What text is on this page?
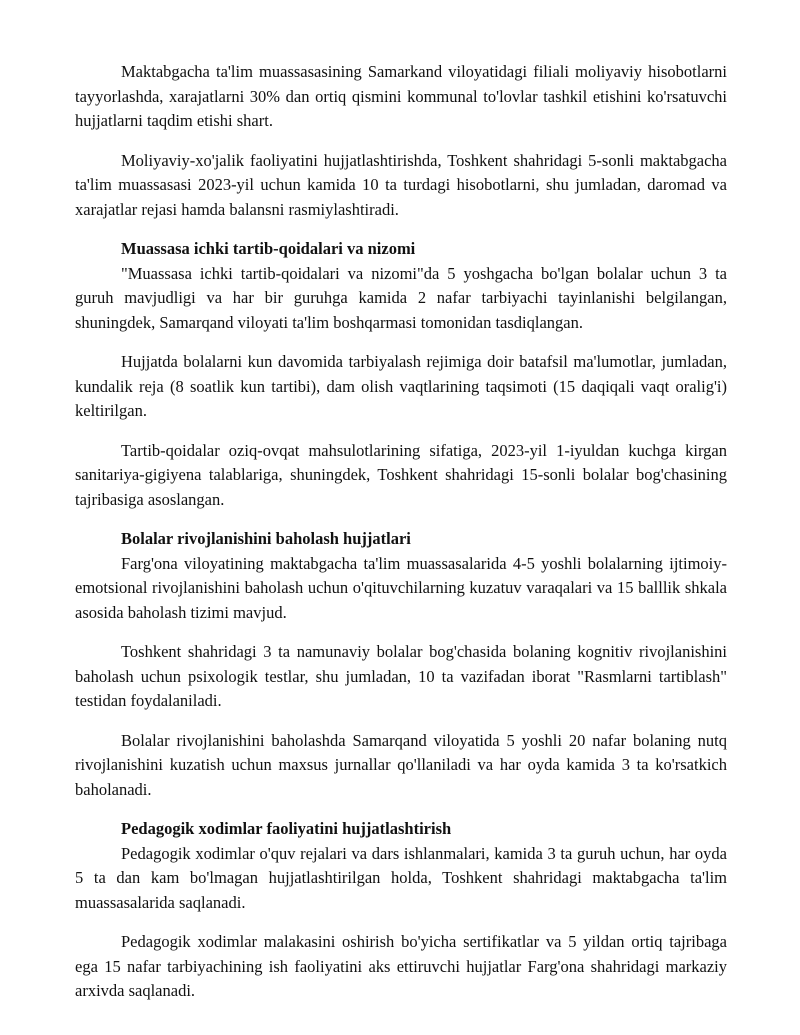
Maktabgacha ta'lim muassasasining Samarkand viloyatidagi filiali moliyaviy hisobotlarni tayyorlashda, xarajatlarni 30% dan ortiq qismini kommunal to'lovlar tashkil etishini ko'rsatuvchi hujjatlarni taqdim etishi shart.

Moliyaviy-xo'jalik faoliyatini hujjatlashtirishda, Toshkent shahridagi 5-sonli maktabgacha ta'lim muassasasi 2023-yil uchun kamida 10 ta turdagi hisobotlarni, shu jumladan, daromad va xarajatlar rejasi hamda balansni rasmiylashtiradi.

Muassasa ichki tartib-qoidalari va nizomi

"Muassasa ichki tartib-qoidalari va nizomi"da 5 yoshgacha bo'lgan bolalar uchun 3 ta guruh mavjudligi va har bir guruhga kamida 2 nafar tarbiyachi tayinlanishi belgilangan, shuningdek, Samarqand viloyati ta'lim boshqarmasi tomonidan tasdiqlangan.

Hujjatda bolalarni kun davomida tarbiyalash rejimiga doir batafsil ma'lumotlar, jumladan, kundalik reja (8 soatlik kun tartibi), dam olish vaqtlarining taqsimoti (15 daqiqali vaqt oralig'i) keltirilgan.

Tartib-qoidalar oziq-ovqat mahsulotlarining sifatiga, 2023-yil 1-iyuldan kuchga kirgan sanitariya-gigiyena talablariga, shuningdek, Toshkent shahridagi 15-sonli bolalar bog'chasining tajribasiga asoslangan.

Bolalar rivojlanishini baholash hujjatlari

Farg'ona viloyatining maktabgacha ta'lim muassasalarida 4-5 yoshli bolalarning ijtimoiy-emotsional rivojlanishini baholash uchun o'qituvchilarning kuzatuv varaqalari va 15 balllik shkala asosida baholash tizimi mavjud.

Toshkent shahridagi 3 ta namunaviy bolalar bog'chasida bolaning kognitiv rivojlanishini baholash uchun psixologik testlar, shu jumladan, 10 ta vazifadan iborat "Rasmlarni tartiblash" testidan foydalaniladi.

Bolalar rivojlanishini baholashda Samarqand viloyatida 5 yoshli 20 nafar bolaning nutq rivojlanishini kuzatish uchun maxsus jurnallar qo'llaniladi va har oyda kamida 3 ta ko'rsatkich baholanadi.

Pedagogik xodimlar faoliyatini hujjatlashtirish

Pedagogik xodimlar o'quv rejalari va dars ishlanmalari, kamida 3 ta guruh uchun, har oyda 5 ta dan kam bo'lmagan hujjatlashtirilgan holda, Toshkent shahridagi maktabgacha ta'lim muassasalarida saqlanadi.

Pedagogik xodimlar malakasini oshirish bo'yicha sertifikatlar va 5 yildan ortiq tajribaga ega 15 nafar tarbiyachining ish faoliyatini aks ettiruvchi hujjatlar Farg'ona shahridagi markaziy arxivda saqlanadi.
